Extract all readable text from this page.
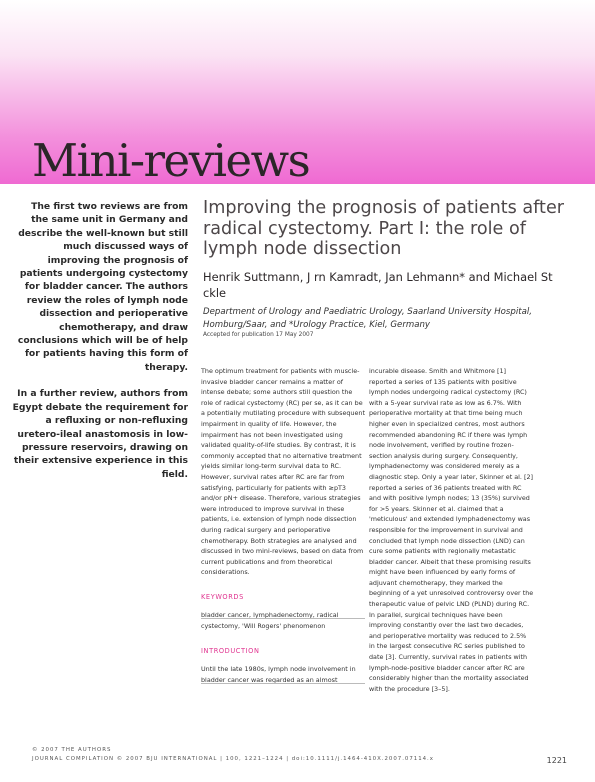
Mini-reviews

The first two reviews are from the same unit in Germany and describe the well-known but still much discussed ways of improving the prognosis of patients undergoing cystectomy for bladder cancer. The authors review the roles of lymph node dissection and perioperative chemotherapy, and draw conclusions which will be of help for patients having this form of therapy.

In a further review, authors from Egypt debate the requirement for a refluxing or non-refluxing uretero-ileal anastomosis in low-pressure reservoirs, drawing on their extensive experience in this field.

Improving the prognosis of patients after radical cystectomy. Part I: the role of lymph node dissection
Henrik Suttmann, J rn Kamradt, Jan Lehmann* and Michael St ckle
Department of Urology and Paediatric Urology, Saarland University Hospital, Homburg/Saar, and *Urology Practice, Kiel, Germany
Accepted for publication 17 May 2007

The optimum treatment for patients with muscle-invasive bladder cancer remains a matter of intense debate; some authors still question the role of radical cystectomy (RC) per se, as it can be a potentially mutilating procedure with subsequent impairment in quality of life. However, the impairment has not been investigated using validated quality-of-life studies. By contrast, it is commonly accepted that no alternative treatment yields similar long-term survival data to RC. However, survival rates after RC are far from satisfying, particularly for patients with ≥pT3 and/or pN+ disease. Therefore, various strategies were introduced to improve survival in these patients, i.e. extension of lymph node dissection during radical surgery and perioperative chemotherapy. Both strategies are analysed and discussed in two mini-reviews, based on data from current publications and from theoretical considerations.

KEYWORDS

bladder cancer, lymphadenectomy, radical cystectomy, 'Will Rogers' phenomenon

INTRODUCTION

Until the late 1980s, lymph node involvement in bladder cancer was regarded as an almost

incurable disease. Smith and Whitmore [1] reported a series of 135 patients with positive lymph nodes undergoing radical cystectomy (RC) with a 5-year survival rate as low as 6.7%. With perioperative mortality at that time being much higher even in specialized centres, most authors recommended abandoning RC if there was lymph node involvement, verified by routine frozen-section analysis during surgery. Consequently, lymphadenectomy was considered merely as a diagnostic step. Only a year later, Skinner et al. [2] reported a series of 36 patients treated with RC and with positive lymph nodes; 13 (35%) survived for >5 years. Skinner et al. claimed that a 'meticulous' and extended lymphadenectomy was responsible for the improvement in survival and concluded that lymph node dissection (LND) can cure some patients with regionally metastatic bladder cancer. Albeit that these promising results might have been influenced by early forms of adjuvant chemotherapy, they marked the beginning of a yet unresolved controversy over the therapeutic value of pelvic LND (PLND) during RC. In parallel, surgical techniques have been improving constantly over the last two decades, and perioperative mortality was reduced to 2.5% in the largest consecutive RC series published to date [3]. Currently, survival rates in patients with lymph-node-positive bladder cancer after RC are considerably higher than the mortality associated with the procedure [3–5].

© 2007 THE AUTHORS
JOURNAL COMPILATION © 2007 BJU INTERNATIONAL | 100, 1221–1224 | doi:10.1111/j.1464-410X.2007.07114.x	1221
